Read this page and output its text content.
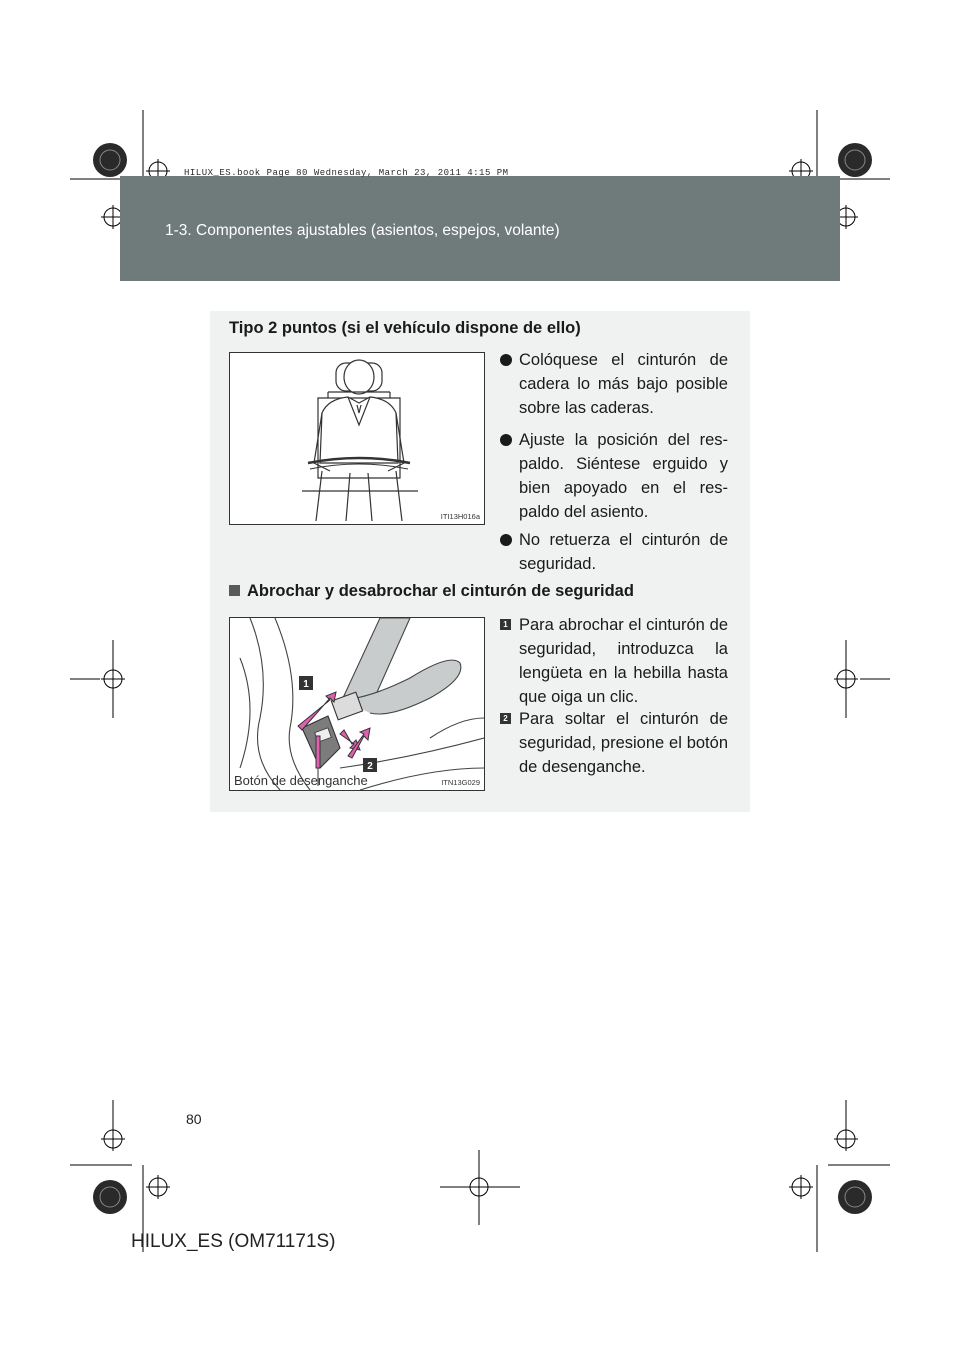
HILUX_ES.book Page 80 Wednesday, March 23, 2011 4:15 PM
1-3. Componentes ajustables (asientos, espejos, volante)
Tipo 2 puntos (si el vehículo dispone de ello)
ITI13H016a
Colóquese el cinturón de cadera lo más bajo posible sobre las caderas.
Ajuste la posición del res-paldo. Siéntese erguido y bien apoyado en el res-paldo del asiento.
No retuerza el cinturón de seguridad.
Abrochar y desabrochar el cinturón de seguridad
1
2
Botón de desenganche	ITN13G029
1 Para abrochar el cinturón de seguridad, introduzca la lengüeta en la hebilla hasta que oiga un clic.
2 Para soltar el cinturón de seguridad, presione el botón de desenganche.
80
HILUX_ES (OM71171S)
